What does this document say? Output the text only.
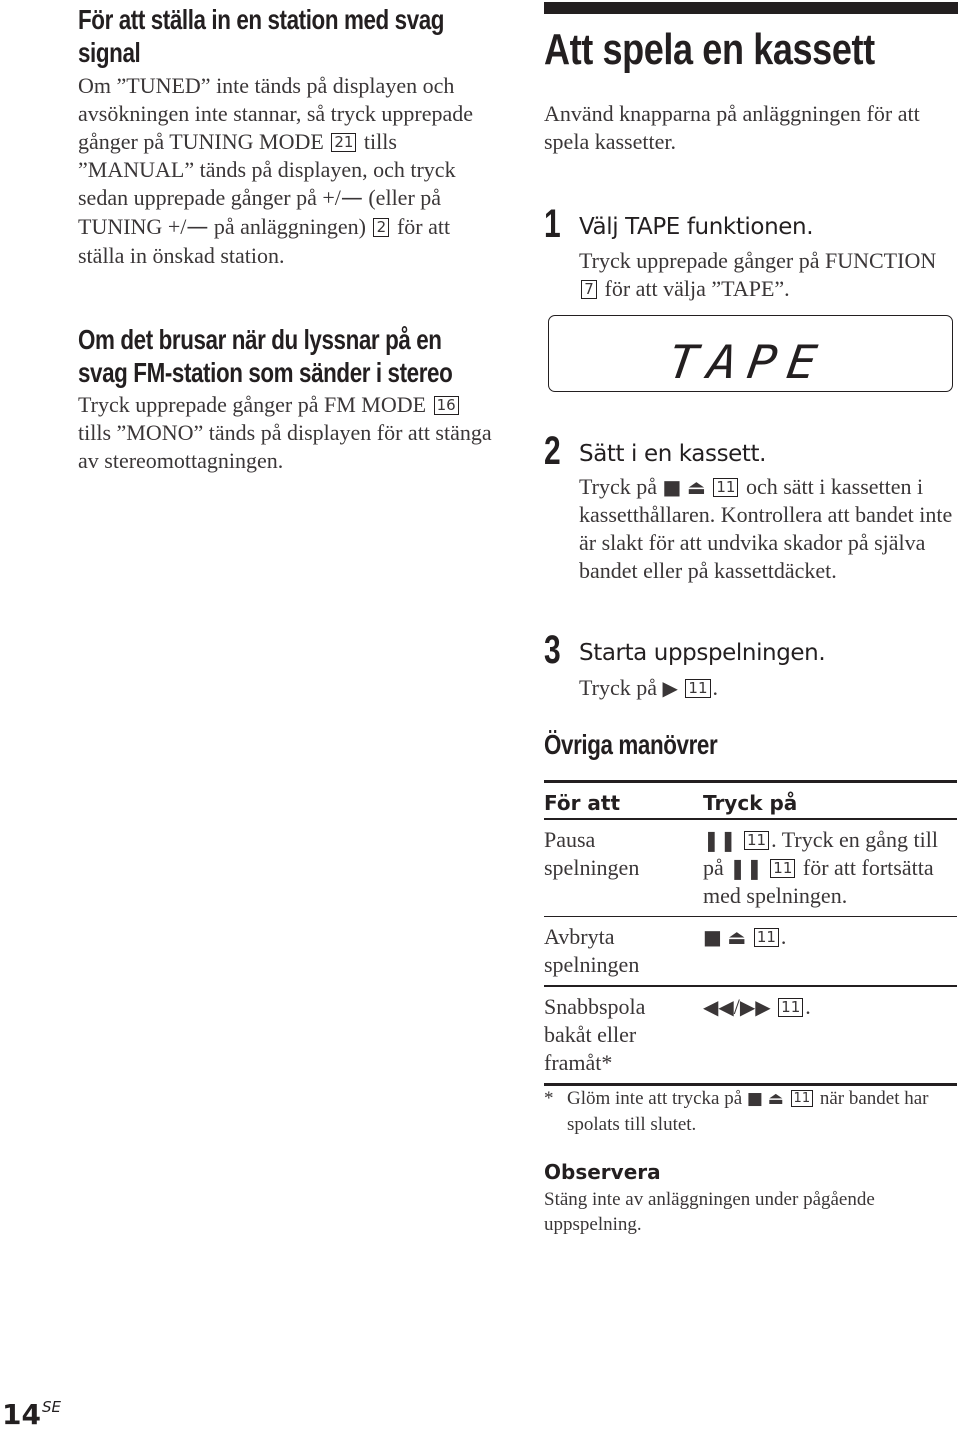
För att ställa in en station med svag
signal
Om ”TUNED” inte tänds på displayen och avsökningen inte stannar, så tryck upprepade gånger på TUNING MODE 21 tills ”MANUAL” tänds på displayen, och tryck sedan upprepade gånger på +/— (eller på TUNING +/— på anläggningen) 2 för att ställa in önskad station.
Om det brusar när du lyssnar på en
svag FM-station som sänder i stereo
Tryck upprepade gånger på FM MODE 16 tills ”MONO” tänds på displayen för att stänga av stereomottagningen.
Att spela en kassett
Använd knapparna på anläggningen för att spela kassetter.
1 Välj TAPE funktionen.
Tryck upprepade gånger på FUNCTION 7 för att välja ”TAPE”.
TAPE
2 Sätt i en kassett.
Tryck på ■ ⏏ 11 och sätt i kassetten i kassetthållaren. Kontrollera att bandet inte är slakt för att undvika skador på själva bandet eller på kassettdäcket.
3 Starta uppspelningen.
Tryck på ▶ 11 .
Övriga manövrer
För att	Tryck på
Pausa
spelningen
❚❚ 11 . Tryck en gång till på ❚❚ 11 för att fortsätta med spelningen.
Avbryta
spelningen
■ ⏏ 11 .
Snabbspola
bakåt eller
framåt*
◀◀/▶▶ 11 .
* Glöm inte att trycka på ■ ⏏ 11 när bandet har spolats till slutet.
Observera
Stäng inte av anläggningen under pågående uppspelning.
$14^{SE}$
